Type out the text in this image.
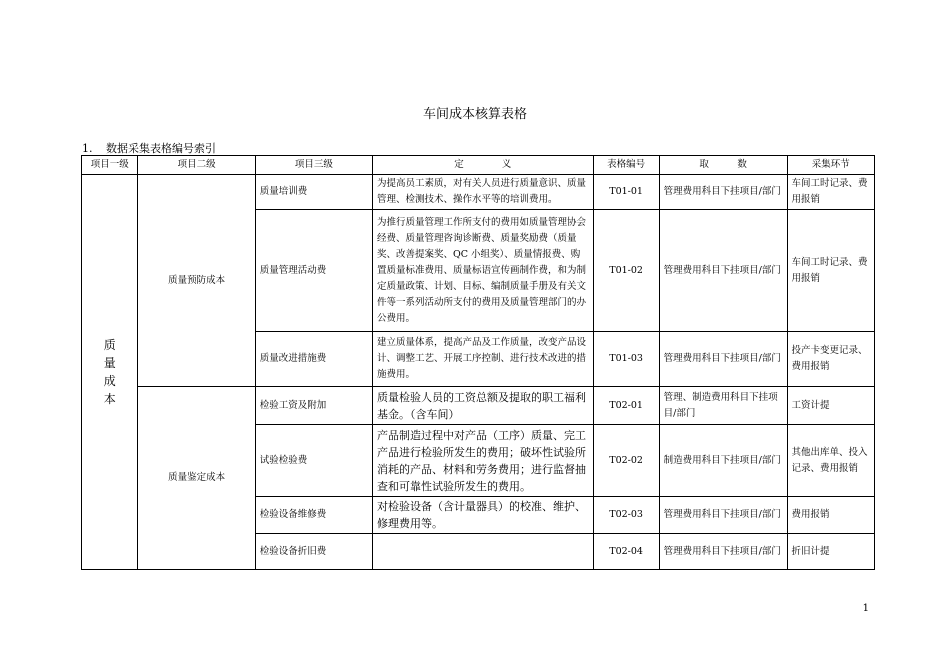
车间成本核算表格
1. 数据采集表格编号索引
项目一级	项目二级	项目三级	定　　　　义	表格编号	取　　　数	采集环节

质
量
成
本	质量预防成本	质量培训费	为提高员工素质，对有关人员进行质量意识、质量管理、检测技术、操作水平等的培训费用。	T01-01	管理费用科目下挂项目/部门	车间工时记录、费用报销
		质量管理活动费	为推行质量管理工作所支付的费用如质量管理协会经费、质量管理咨询诊断费、质量奖励费（质量奖、改善提案奖、QC 小组奖）、质量情报费、购置质量标准费用、质量标语宣传画制作费，和为制定质量政策、计划、目标、编制质量手册及有关文件等一系列活动所支付的费用及质量管理部门的办公费用。	T01-02	管理费用科目下挂项目/部门	车间工时记录、费用报销
		质量改进措施费	建立质量体系，提高产品及工作质量，改变产品设计、调整工艺、开展工序控制、进行技术改进的措施费用。	T01-03	管理费用科目下挂项目/部门	投产卡变更记录、费用报销
	质量鉴定成本	检验工资及附加	质量检验人员的工资总额及提取的职工福利基金。（含车间）	T02-01	管理、制造费用科目下挂项目/部门	工资计提
		试验检验费	产品制造过程中对产品（工序）质量、完工产品进行检验所发生的费用；破坏性试验所消耗的产品、材料和劳务费用；进行监督抽查和可靠性试验所发生的费用。	T02-02	制造费用科目下挂项目/部门	其他出库单、投入记录、费用报销
		检验设备维修费	对检验设备（含计量器具）的校准、维护、修理费用等。	T02-03	管理费用科目下挂项目/部门	费用报销
		检验设备折旧费		T02-04	管理费用科目下挂项目/部门	折旧计提
1
